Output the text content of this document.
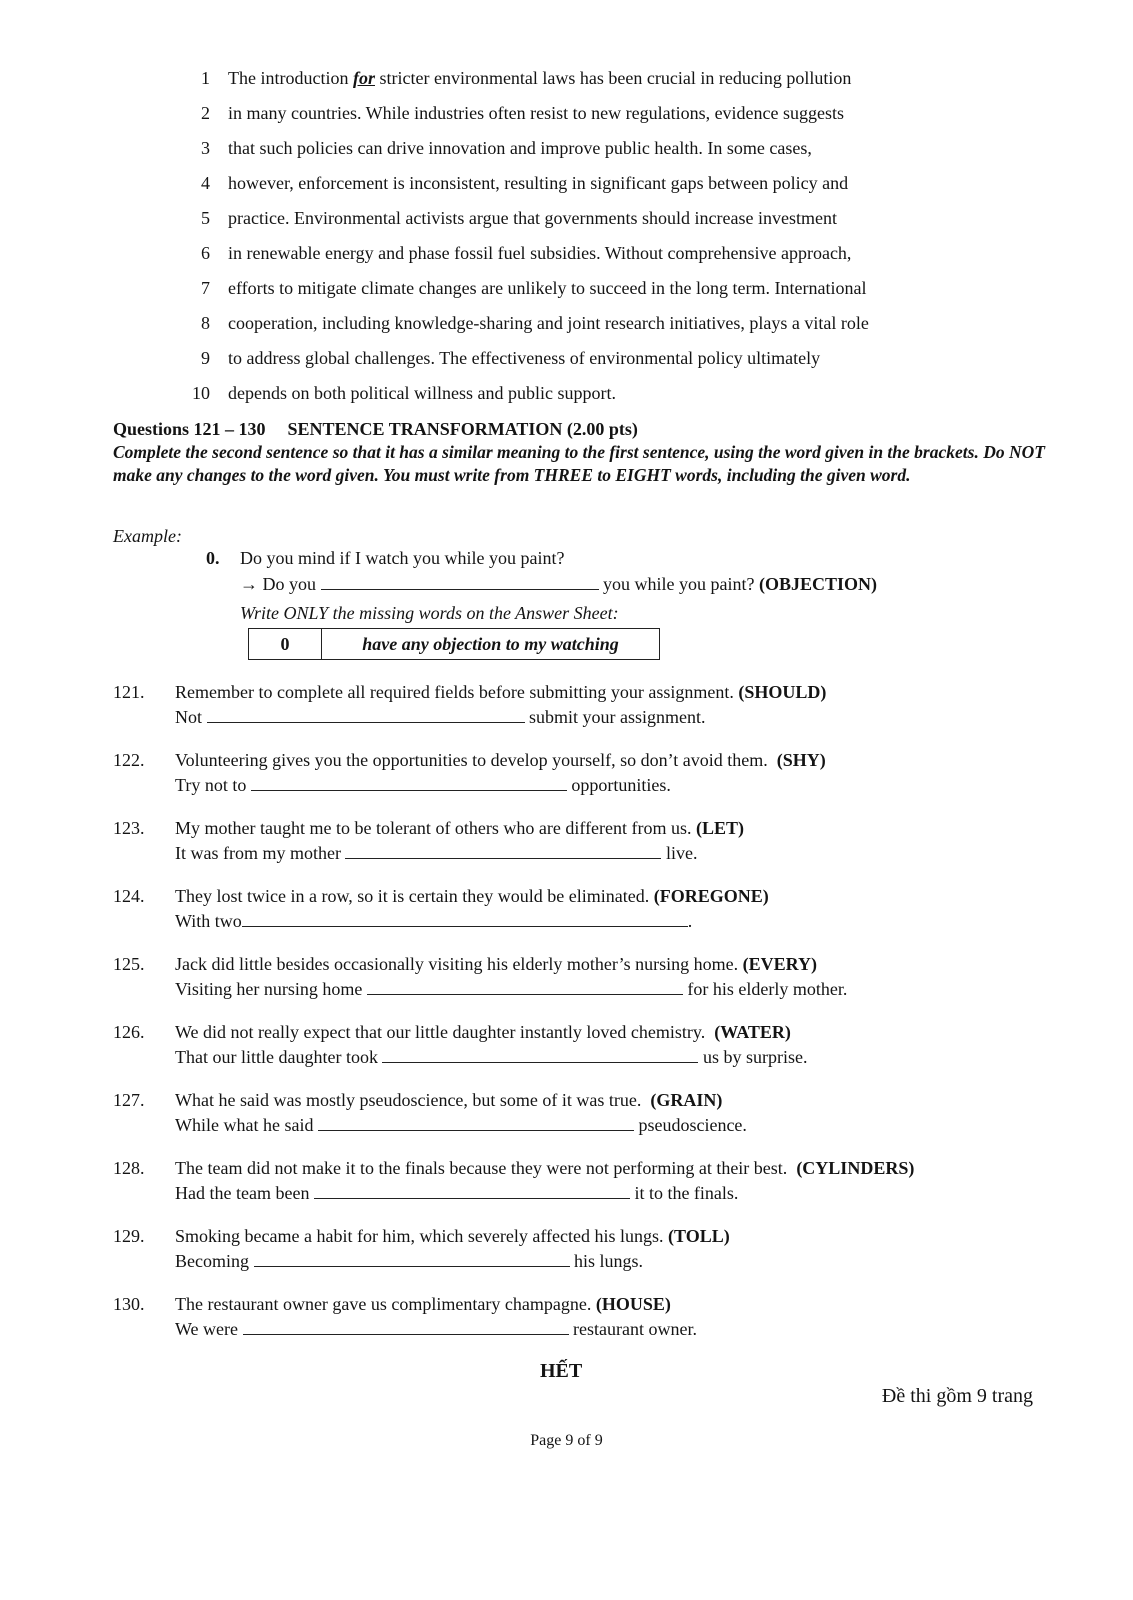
1 The introduction for stricter environmental laws has been crucial in reducing pollution
2 in many countries. While industries often resist to new regulations, evidence suggests
3 that such policies can drive innovation and improve public health. In some cases,
4 however, enforcement is inconsistent, resulting in significant gaps between policy and
5 practice. Environmental activists argue that governments should increase investment
6 in renewable energy and phase fossil fuel subsidies. Without comprehensive approach,
7 efforts to mitigate climate changes are unlikely to succeed in the long term. International
8 cooperation, including knowledge-sharing and joint research initiatives, plays a vital role
9 to address global challenges. The effectiveness of environmental policy ultimately
10 depends on both political willness and public support.
Questions 121 – 130 SENTENCE TRANSFORMATION (2.00 pts)
Complete the second sentence so that it has a similar meaning to the first sentence, using the word given in the brackets. Do NOT make any changes to the word given. You must write from THREE to EIGHT words, including the given word.
Example:
0. Do you mind if I watch you while you paint?
→ Do you	you while you paint? (OBJECTION)
Write ONLY the missing words on the Answer Sheet:
0	have any objection to my watching
121. Remember to complete all required fields before submitting your assignment. (SHOULD)
Not	submit your assignment.
122. Volunteering gives you the opportunities to develop yourself, so don’t avoid them. (SHY)
Try not to	opportunities.
123. My mother taught me to be tolerant of others who are different from us. (LET)
It was from my mother	live.
124. They lost twice in a row, so it is certain they would be eliminated. (FOREGONE)
With two	.
125. Jack did little besides occasionally visiting his elderly mother’s nursing home. (EVERY)
Visiting her nursing home	for his elderly mother.
126. We did not really expect that our little daughter instantly loved chemistry. (WATER)
That our little daughter took	us by surprise.
127. What he said was mostly pseudoscience, but some of it was true. (GRAIN)
While what he said	pseudoscience.
128. The team did not make it to the finals because they were not performing at their best. (CYLINDERS)
Had the team been	it to the finals.
129. Smoking became a habit for him, which severely affected his lungs. (TOLL)
Becoming	his lungs.
130. The restaurant owner gave us complimentary champagne. (HOUSE)
We were	restaurant owner.
HẾT
Đề thi gồm 9 trang
Page 9 of 9
